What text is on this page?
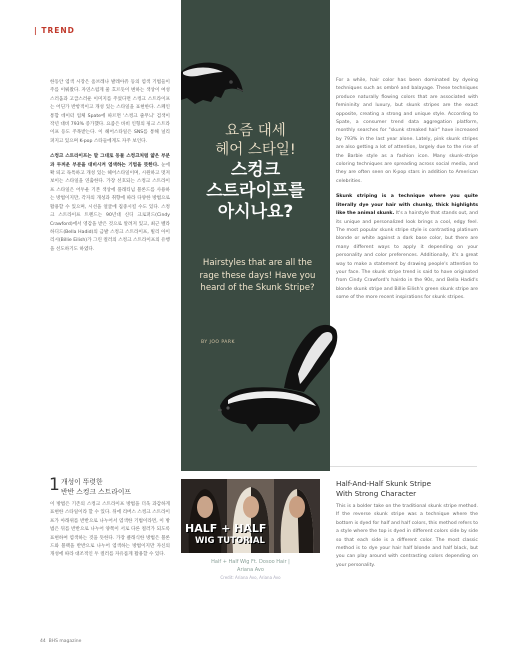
| TREND

한동안 염색 시장은 옴브레나 발레아쥬 등의 염색 기법들이 주를 이뤄왔다. 자연스럽게 물 흐르듯이 변하는 색상이 여성스러움과 고급스러운 이미지를 주었다면 스컹크 스트라이프는 어딘가 반항적이고 개성 있는 스타일을 표현한다. 스페인 통합 데이터 업체 Spate에 따르면 '스컹크 줄무늬' 검색이 작년 대비 793% 증가했다. 요즘은 바비 인형의 핑크 스트라이프 등도 주목받는다. 이 헤어스타일은 SNS를 통해 널리 퍼지고 있으며 K-pop 스타들에게도 자주 보인다.

스컹크 스트라이프는 말 그대로 동물 스컹크처럼 얇은 부분과 두꺼운 부분을 대비시켜 염색하는 기법을 뜻한다. 눈에 확 띄고 독특하고 개성 있는 헤어스타일이며, 시원하고 멋져 보이는 스타일을 연출한다. 가장 선호되는 스컹크 스트라이프 스타일은 어두운 기본 색상에 플래티넘 블론드를 사용하는 방법이지만, 각자의 개성과 취향에 따라 다양한 방법으로 활용할 수 있으며, 시선을 얼굴에 집중시킬 수도 있다. 스컹크 스트라이프 트렌드는 90년대 신디 크로퍼드(Cindy Crawford)에서 영감을 받은 것으로 알려져 있고, 최근 벨라 하디드(Bella Hadid)의 금발 스컹크 스트라이프, 빌리 아이리시(Billie Eilish)가 그린 컬러의 스컹크 스트라이프의 유행을 선도하기도 하였다.

요즘 대세
헤어 스타일!
스컹크
스트라이프를
아시나요?
Hairstyles that are all the rage these days! Have you heard of the Skunk Stripe?
BY JOO PARK

For a while, hair color has been dominated by dyeing techniques such as ombré and balayage. These techniques produce naturally flowing colors that are associated with femininity and luxury, but skunk stripes are the exact opposite, creating a strong and unique style. According to Spate, a consumer trend data aggregation platform, monthly searches for "skunk streaked hair" have increased by 793% in the last year alone. Lately, pink skunk stripes are also getting a lot of attention, largely due to the rise of the Barbie style as a fashion icon. Many skunk-stripe coloring techniques are spreading across social media, and they are often seen on K-pop stars in addition to American celebrities.

Skunk striping is a technique where you quite literally dye your hair with chunky, thick highlights like the animal skunk. It's a hairstyle that stands out, and its unique and personalized look brings a cool, edgy feel. The most popular skunk stripe style is contrasting platinum blonde or white against a dark base color, but there are many different ways to apply it depending on your personality and color preferences. Additionally, it's a great way to make a statement by drawing people's attention to your face. The skunk stripe trend is said to have originated from Cindy Crawford's hairdo in the 90s, and Bella Hadid's blonde skunk stripe and Billie Eilish's green skunk stripe are some of the more recent inspirations for skunk stripes.

1 개성이 뚜렷한
반반 스컹크 스트라이프

이 방법은 기존의 스컹크 스트라이프 방법을 더욱 과감하게 표현한 스타일이라 할 수 있다. 뒤에 리버스 스컹크 스트라이프가 아래위를 반반으로 나누어서 염색한 기법이라면, 이 방법은 뒤를 반반으로 나누어 양쪽이 서로 다른 컬러가 되도록 표현하여 염색하는 것을 뜻한다. 가장 클래식한 방법은 블론드와 블랙을 반반으로 나누어 염색하는 방법이지만 자신의 개성에 따라 대조적인 두 컬러를 자유롭게 활용할 수 있다.

HALF + HALF
WIG TUTORIAL
Half + Half Wig Ft. Dosoo Hair |
Ariana Avo
Credit: Ariana Avo, Ariana Avo
Half-And-Half Skunk Stripe
With Strong Character

This is a bolder take on the traditional skunk stripe method. If the reverse skunk stripe was a technique where the bottom is dyed for half and half colors, this method refers to a style where the top is dyed in different colors side by side so that each side is a different color. The most classic method is to dye your hair half blonde and half black, but you can play around with contrasting colors depending on your personality.

44 BHS magazine
